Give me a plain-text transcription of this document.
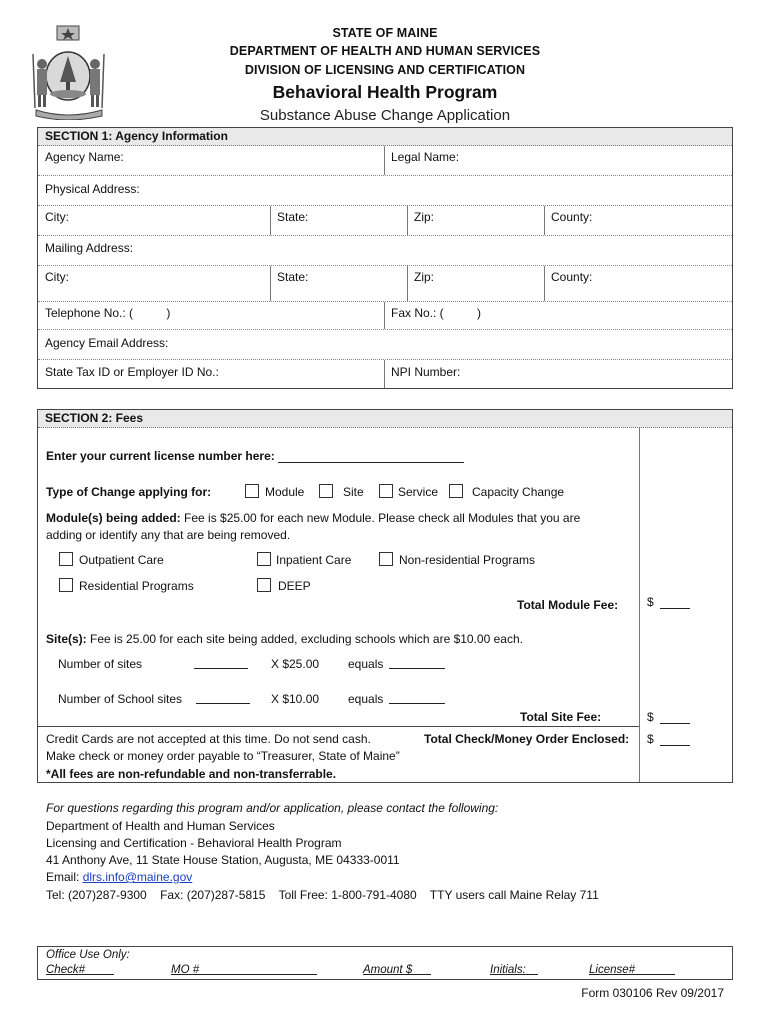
STATE OF MAINE
DEPARTMENT OF HEALTH AND HUMAN SERVICES
DIVISION OF LICENSING AND CERTIFICATION
Behavioral Health Program
Substance Abuse Change Application
SECTION 1: Agency Information
Agency Name:	Legal Name:
Physical Address:
City:	State:	Zip:	County:
Mailing Address:
City:	State:	Zip:	County:
Telephone No.: (          )	Fax No.: (          )
Agency Email Address:
State Tax ID or Employer ID No.:	NPI Number:
SECTION 2: Fees
Enter your current license number here:
Type of Change applying for:	Module	Site	Service	Capacity Change
Module(s) being added: Fee is $25.00 for each new Module. Please check all Modules that you are
adding or identify any that are being removed.
Outpatient Care	Inpatient Care	Non-residential Programs
Residential Programs	DEEP
Total Module Fee: $
Site(s): Fee is 25.00 for each site being added, excluding schools which are $10.00 each.
Number of sites	X $25.00 equals
Number of School sites	X $10.00 equals
Total Site Fee:	$
Credit Cards are not accepted at this time. Do not send cash.	Total Check/Money Order Enclosed: $
Make check or money order payable to “Treasurer, State of Maine”
*All fees are non-refundable and non-transferrable.
For questions regarding this program and/or application, please contact the following:
Department of Health and Human Services
Licensing and Certification - Behavioral Health Program
41 Anthony Ave, 11 State House Station, Augusta, ME 04333-0011
Email: dlrs.info@maine.gov
Tel: (207)287-9300    Fax: (207)287-5815    Toll Free: 1-800-791-4080    TTY users call Maine Relay 711
Office Use Only:
Check#	MO #	Amount $	Initials:	License#
Form 030106 Rev 09/2017
